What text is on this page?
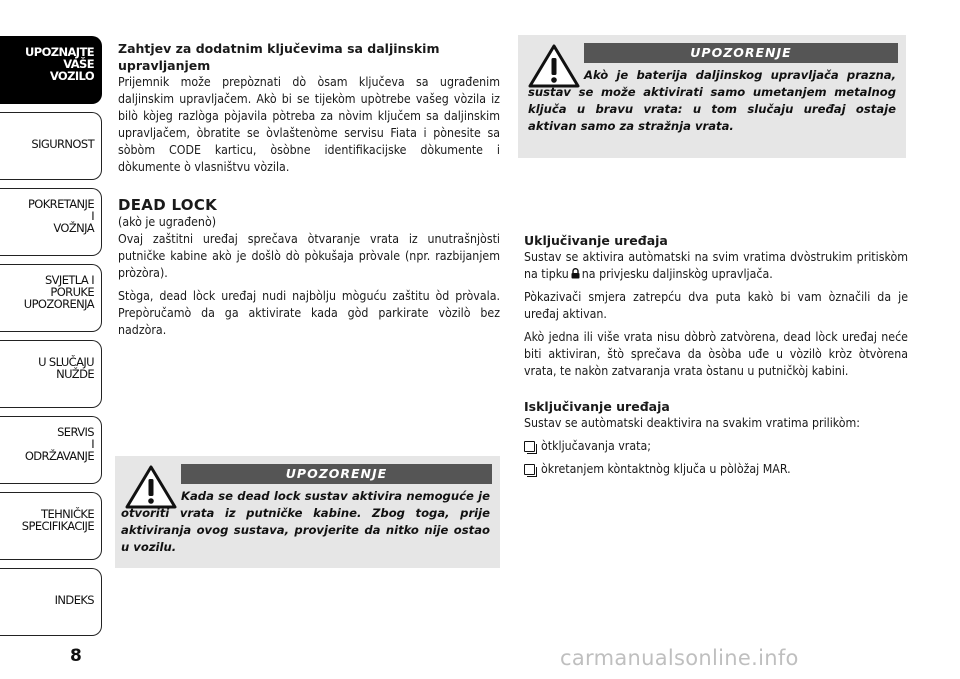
UPOZNAJTE
VAŠE
VOZILO
SIGURNOST
POKRETANJE
I
VOŽNJA
SVJETLA I
PORUKE
UPOZORENJA
U SLUČAJU
NUŽDE
SERVIS
I
ODRŽAVANJE
TEHNIČKE
SPECIFIKACIJE
INDEKS
8
Zahtjev za dodatnim ključevima sa daljinskim upravljanjem

Prijemnik može prepòznati dò òsam ključeva sa ugrađenim daljinskim upravljačem. Akò bi se tijekòm upòtrebe vašeg vòzila iz bilò kòjeg razlòga pòjavila pòtreba za nòvim ključem sa daljinskim upravljačem, òbratite se òvlaštenòme servisu Fiata i pònesite sa sòbòm CODE karticu, òsòbne identifikacijske dòkumente i dòkumente ò vlasništvu vòzila.

DEAD LOCK
(akò je ugrađenò)

Ovaj zaštitni uređaj sprečava òtvaranje vrata iz unutrašnjòsti putničke kabine akò je došlò dò pòkušaja pròvale (npr. razbijanjem pròzòra).

Stòga, dead lòck uređaj nudi najbòlju mòguću zaštitu òd pròvala. Prepòručamò da ga aktivirate kada gòd parkirate vòzilò bez nadzòra.

UPOZORENJE
Akò je baterija daljinskog upravljača prazna, sustav se može aktivirati samo umetanjem metalnog ključa u bravu vrata: u tom slučaju uređaj ostaje aktivan samo za stražnja vrata.
UPOZORENJE
Kada se dead lock sustav aktivira nemoguće je otvoriti vrata iz putničke kabine. Zbog toga, prije aktiviranja ovog sustava, provjerite da nitko nije ostao u vozilu.
Uključivanje uređaja

Sustav se aktivira autòmatski na svim vratima dvòstrukim pritiskòm na tipku na privjesku daljinskòg upravljača.

Pòkazivači smjera zatrepću dva puta kakò bi vam òznačili da je uređaj aktivan.

Akò jedna ili više vrata nisu dòbrò zatvòrena, dead lòck uređaj neće biti aktiviran, štò sprečava da òsòba uđe u vòzilò kròz òtvòrena vrata, te nakòn zatvaranja vrata òstanu u putničkòj kabini.

Isključivanje uređaja

Sustav se autòmatski deaktivira na svakim vratima prilikòm:

òtključavanja vrata;
òkretanjem kòntaktnòg ključa u pòlòžaj MAR.
carmanualsonline.info
